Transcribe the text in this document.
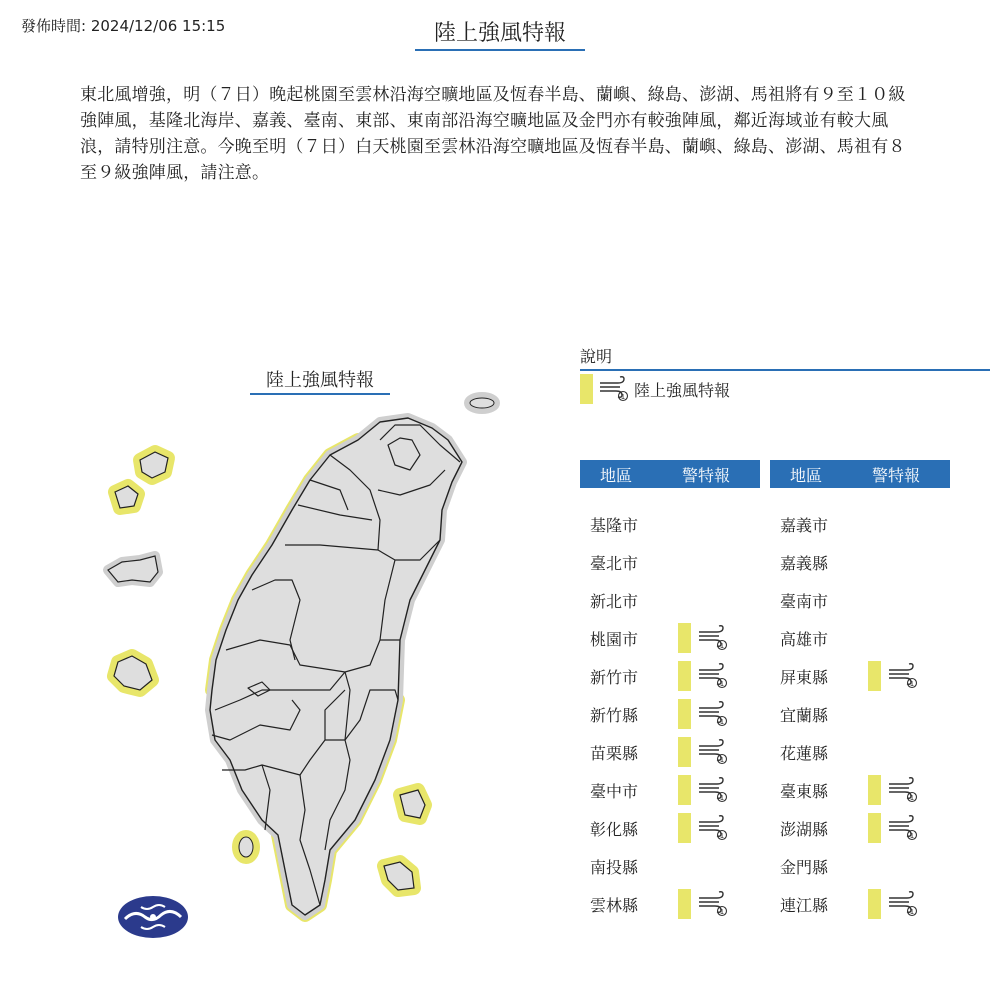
發佈時間: 2024/12/06 15:15	陸上強風特報
東北風增強，明（７日）晚起桃園至雲林沿海空曠地區及恆春半島、蘭嶼、綠島、澎湖、馬祖將有９至１０級強陣風，基隆北海岸、嘉義、臺南、東部、東南部沿海空曠地區及金門亦有較強陣風，鄰近海域並有較大風浪，請特別注意。今晚至明（７日）白天桃園至雲林沿海空曠地區及恆春半島、蘭嶼、綠島、澎湖、馬祖有８至９級強陣風，請注意。
陸上強風特報
說明
1 陸上強風特報
地區	警特報
基隆市
臺北市
新北市
桃園市	1
新竹市	1
新竹縣	1
苗栗縣	1
臺中市	1
彰化縣	1
南投縣
雲林縣	1
地區	警特報
嘉義市
嘉義縣
臺南市
高雄市
屏東縣	1
宜蘭縣
花蓮縣
臺東縣	1
澎湖縣	1
金門縣
連江縣	1
